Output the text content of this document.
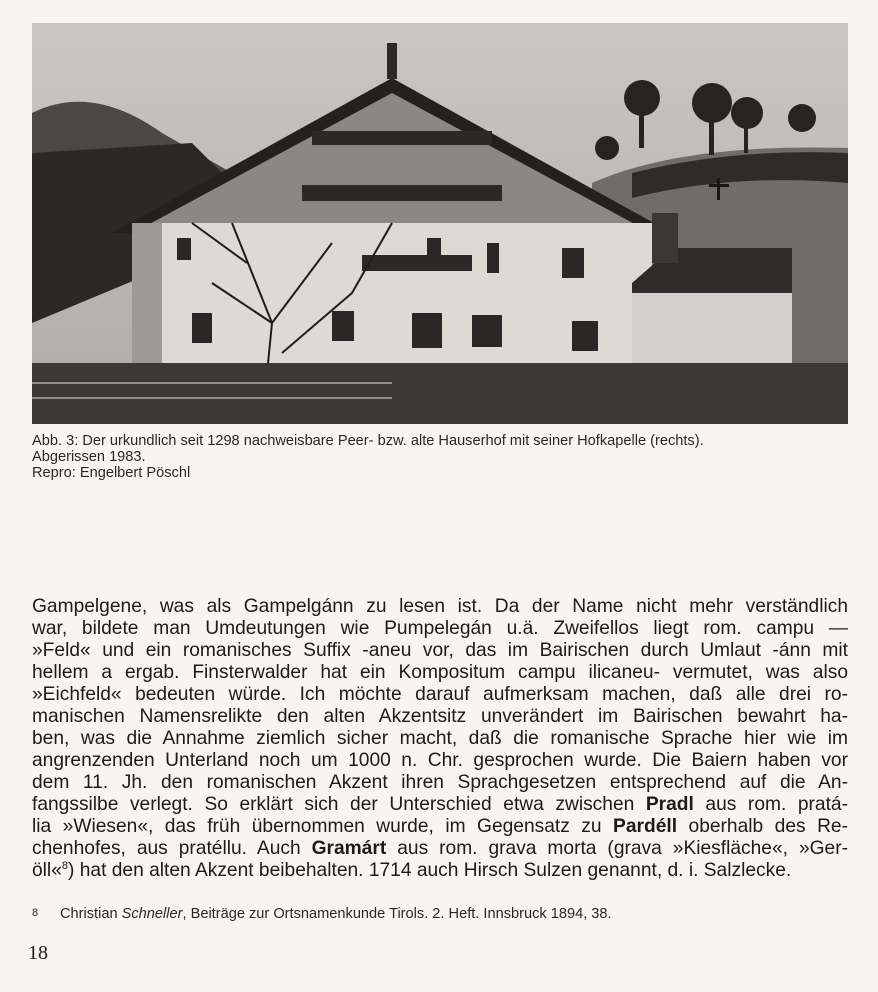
Abb. 3: Der urkundlich seit 1298 nachweisbare Peer- bzw. alte Hauserhof mit seiner Hofkapelle (rechts).

Abgerissen 1983.

Repro: Engelbert Pöschl

Gampelgene, was als Gampelgánn zu lesen ist. Da der Name nicht mehr verständlich
war, bildete man Umdeutungen wie Pumpelegán u.ä. Zweifellos liegt rom. campu —
»Feld« und ein romanisches Suffix -aneu vor, das im Bairischen durch Umlaut -ánn mit
hellem a ergab. Finsterwalder hat ein Kompositum campu ilicaneu- vermutet, was also
»Eichfeld« bedeuten würde. Ich möchte darauf aufmerksam machen, daß alle drei ro-
manischen Namensrelikte den alten Akzentsitz unverändert im Bairischen bewahrt ha-
ben, was die Annahme ziemlich sicher macht, daß die romanische Sprache hier wie im
angrenzenden Unterland noch um 1000 n. Chr. gesprochen wurde. Die Baiern haben vor
dem 11. Jh. den romanischen Akzent ihren Sprachgesetzen entsprechend auf die An-
fangssilbe verlegt. So erklärt sich der Unterschied etwa zwischen Pradl aus rom. pratá-
lia »Wiesen«, das früh übernommen wurde, im Gegensatz zu Pardéll oberhalb des Re-
chenhofes, aus pratéllu. Auch Gramárt aus rom. grava morta (grava »Kiesfläche«, »Ger-
öll«$^8$) hat den alten Akzent beibehalten. 1714 auch Hirsch Sulzen genannt, d. i. Salzlecke.
8 Christian Schneller, Beiträge zur Ortsnamenkunde Tirols. 2. Heft. Innsbruck 1894, 38.
18
